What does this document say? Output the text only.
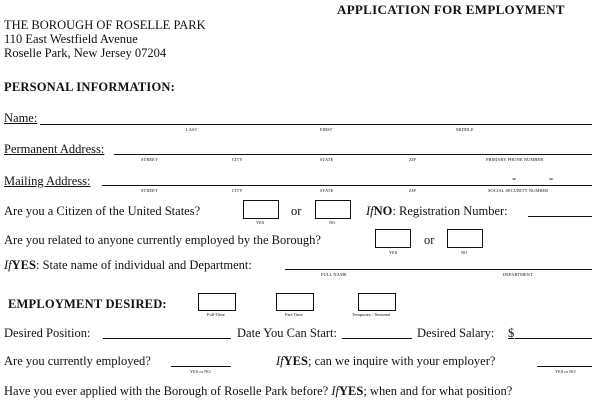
APPLICATION FOR EMPLOYMENT
THE BOROUGH OF ROSELLE PARK
110 East Westfield Avenue
Roselle Park, New Jersey 07204
PERSONAL INFORMATION:
Name:
LAST	FIRST	MIDDLE
Permanent Address:
STREET	CITY	STATE	ZIP	PRIMARY PHONE NUMBER
Mailing Address:	-	-
STREET	CITY	STATE	ZIP	SOCIAL SECURITY NUMBER
Are you a Citizen of the United States?
YES
or
NO
IfNO: Registration Number:
Are you related to anyone currently employed by the Borough?
YES
or
NO
IfYES: State name of individual and Department:
FULL NAME	DEPARTMENT
EMPLOYMENT DESIRED:
Full-Time	Part-Time	Temporary / Seasonal
Desired Position:	Date You Can Start:	Desired Salary: $
Are you currently employed?
YES or NO
IfYES; can we inquire with your employer?
YES or NO
Have you ever applied with the Borough of Roselle Park before? IfYES; when and for what position?
